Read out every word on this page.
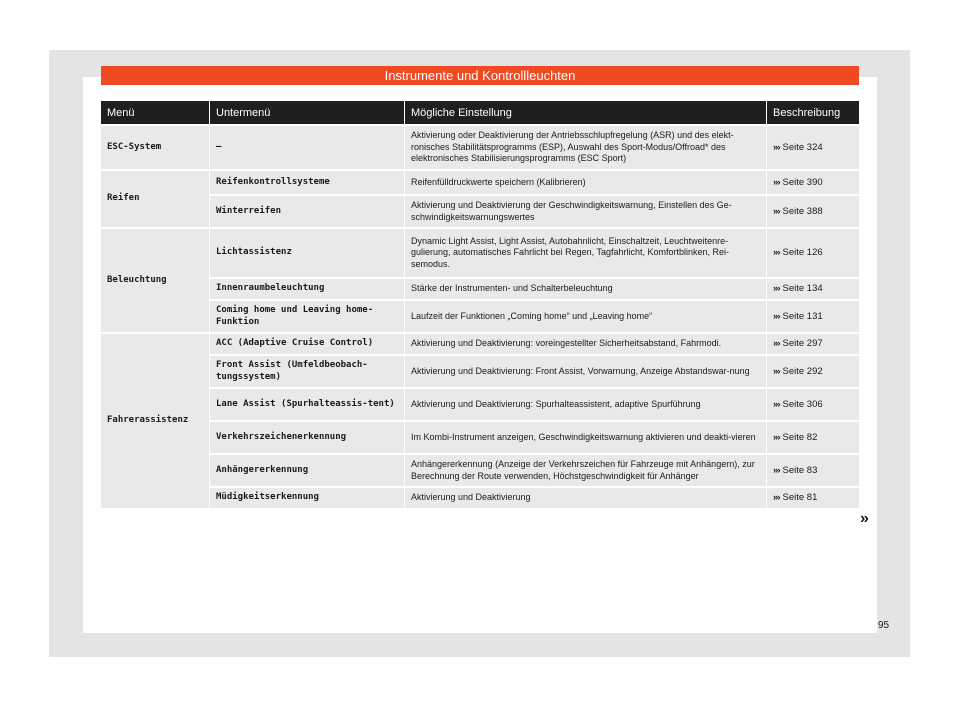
Instrumente und Kontrollleuchten
Menü	Untermenü	Mögliche Einstellung	Beschreibung
ESC-System	–	Aktivierung oder Deaktivierung der Antriebsschlupfregelung (ASR) und des elekt-ronisches Stabilitätsprogramms (ESP), Auswahl des Sport-Modus/Offroad* des elektronisches Stabilisierungsprogramms (ESC Sport)	››› Seite 324
Reifen	Reifenkontrollsysteme	Reifenfülldruckwerte speichern (Kalibrieren)	››› Seite 390
	Winterreifen	Aktivierung und Deaktivierung der Geschwindigkeitswarnung, Einstellen des Ge-schwindigkeitswarnungswertes	››› Seite 388
Beleuchtung	Lichtassistenz	Dynamic Light Assist, Light Assist, Autobahnlicht, Einschaltzeit, Leuchtweitenre-gulierung, automatisches Fahrlicht bei Regen, Tagfahrlicht, Komfortblinken, Rei-semodus.	››› Seite 126
	Innenraumbeleuchtung	Stärke der Instrumenten- und Schalterbeleuchtung	››› Seite 134
	Coming home und Leaving home-Funktion	Laufzeit der Funktionen „Coming home“ und „Leaving home“	››› Seite 131
Fahrerassistenz	ACC (Adaptive Cruise Control)	Aktivierung und Deaktivierung: voreingestellter Sicherheitsabstand, Fahrmodi.	››› Seite 297
	Front Assist (Umfeldbeobach-tungssystem)	Aktivierung und Deaktivierung: Front Assist, Vorwarnung, Anzeige Abstandswar-nung	››› Seite 292
	Lane Assist (Spurhalteassis-tent)	Aktivierung und Deaktivierung: Spurhalteassistent, adaptive Spurführung	››› Seite 306
	Verkehrszeichenerkennung	Im Kombi-Instrument anzeigen, Geschwindigkeitswarnung aktivieren und deakti-vieren	››› Seite 82
	Anhängererkennung	Anhängererkennung (Anzeige der Verkehrszeichen für Fahrzeuge mit Anhängern), zur Berechnung der Route verwenden, Höchstgeschwindigkeit für Anhänger	››› Seite 83
	Müdigkeitserkennung	Aktivierung und Deaktivierung	››› Seite 81
»
95
